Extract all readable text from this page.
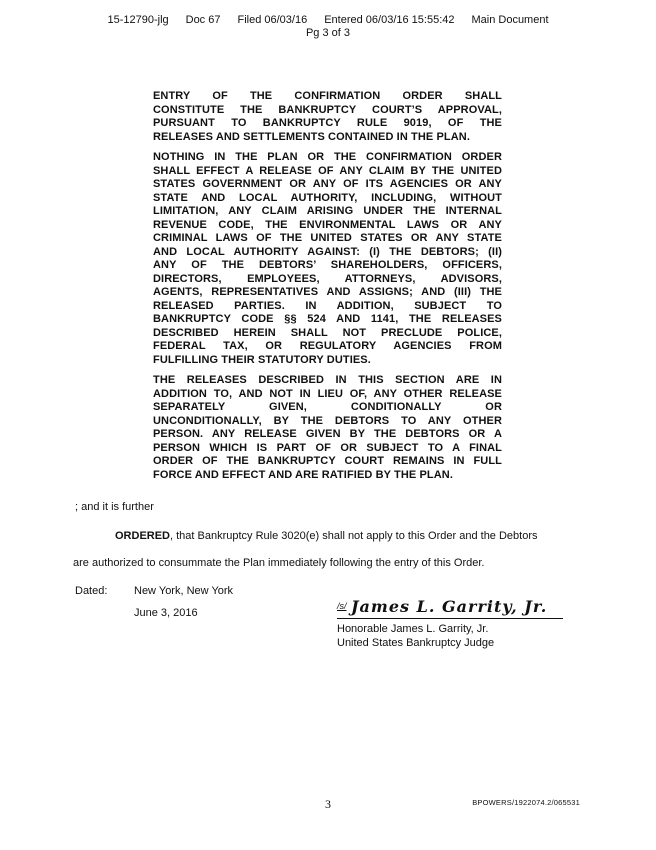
15-12790-jlg Doc 67 Filed 06/03/16 Entered 06/03/16 15:55:42 Main Document
Pg 3 of 3
ENTRY OF THE CONFIRMATION ORDER SHALL
CONSTITUTE THE BANKRUPTCY COURT’S APPROVAL,
PURSUANT TO BANKRUPTCY RULE 9019, OF THE
RELEASES AND SETTLEMENTS CONTAINED IN THE PLAN.
NOTHING IN THE PLAN OR THE CONFIRMATION ORDER
SHALL EFFECT A RELEASE OF ANY CLAIM BY THE UNITED
STATES GOVERNMENT OR ANY OF ITS AGENCIES OR ANY
STATE AND LOCAL AUTHORITY, INCLUDING, WITHOUT
LIMITATION, ANY CLAIM ARISING UNDER THE INTERNAL
REVENUE CODE, THE ENVIRONMENTAL LAWS OR ANY
CRIMINAL LAWS OF THE UNITED STATES OR ANY STATE
AND LOCAL AUTHORITY AGAINST: (I) THE DEBTORS; (II)
ANY OF THE DEBTORS’ SHAREHOLDERS, OFFICERS,
DIRECTORS, EMPLOYEES, ATTORNEYS, ADVISORS,
AGENTS, REPRESENTATIVES AND ASSIGNS; AND (III) THE
RELEASED PARTIES. IN ADDITION, SUBJECT TO
BANKRUPTCY CODE §§ 524 AND 1141, THE RELEASES
DESCRIBED HEREIN SHALL NOT PRECLUDE POLICE,
FEDERAL TAX, OR REGULATORY AGENCIES FROM
FULFILLING THEIR STATUTORY DUTIES.
THE RELEASES DESCRIBED IN THIS SECTION ARE IN
ADDITION TO, AND NOT IN LIEU OF, ANY OTHER RELEASE
SEPARATELY GIVEN, CONDITIONALLY OR
UNCONDITIONALLY, BY THE DEBTORS TO ANY OTHER
PERSON. ANY RELEASE GIVEN BY THE DEBTORS OR A
PERSON WHICH IS PART OF OR SUBJECT TO A FINAL
ORDER OF THE BANKRUPTCY COURT REMAINS IN FULL
FORCE AND EFFECT AND ARE RATIFIED BY THE PLAN.
; and it is further
ORDERED, that Bankruptcy Rule 3020(e) shall not apply to this Order and the Debtors
are authorized to consummate the Plan immediately following the entry of this Order.
Dated: New York, New York
June 3, 2016
/s/ James L. Garrity, Jr.
Honorable James L. Garrity, Jr.
United States Bankruptcy Judge
3	BPOWERS/1922074.2/065531
